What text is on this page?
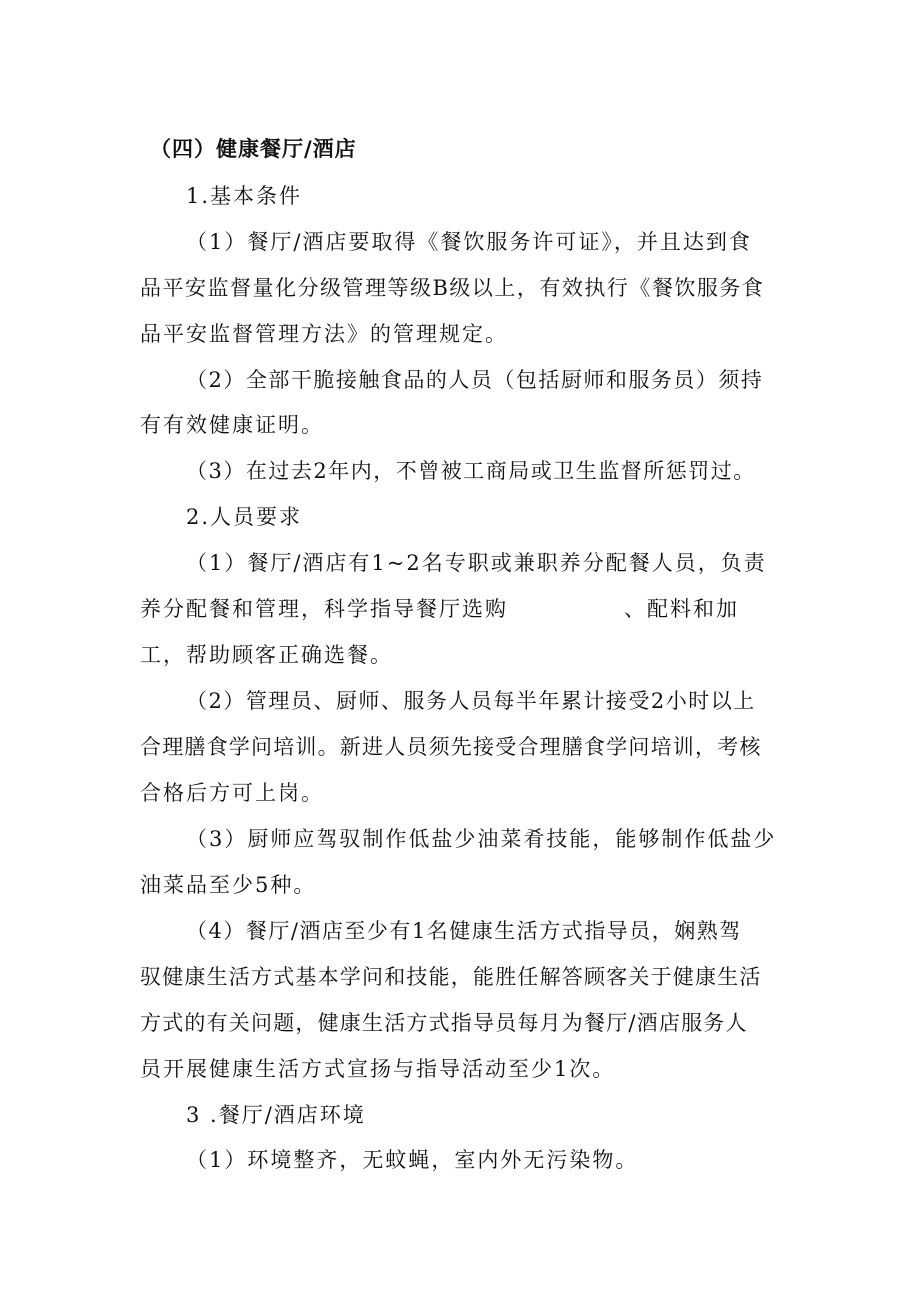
（四）健康餐厅/酒店
1.基本条件
（1）餐厅/酒店要取得《餐饮服务许可证》，并且达到食
品平安监督量化分级管理等级B级以上，有效执行《餐饮服务食
品平安监督管理方法》的管理规定。
（2）全部干脆接触食品的人员（包括厨师和服务员）须持
有有效健康证明。
（3）在过去2年内，不曾被工商局或卫生监督所惩罚过。
2.人员要求
（1）餐厅/酒店有1~2名专职或兼职养分配餐人员，负责
养分配餐和管理，科学指导餐厅选购	、配料和加
工，帮助顾客正确选餐。
（2）管理员、厨师、服务人员每半年累计接受2小时以上
合理膳食学问培训。新进人员须先接受合理膳食学问培训，考核
合格后方可上岗。
（3）厨师应驾驭制作低盐少油菜肴技能，能够制作低盐少
油菜品至少5种。
（4）餐厅/酒店至少有1名健康生活方式指导员，娴熟驾
驭健康生活方式基本学问和技能，能胜任解答顾客关于健康生活
方式的有关问题，健康生活方式指导员每月为餐厅/酒店服务人
员开展健康生活方式宣扬与指导活动至少1次。
3 .餐厅/酒店环境
（1）环境整齐，无蚊蝇，室内外无污染物。
